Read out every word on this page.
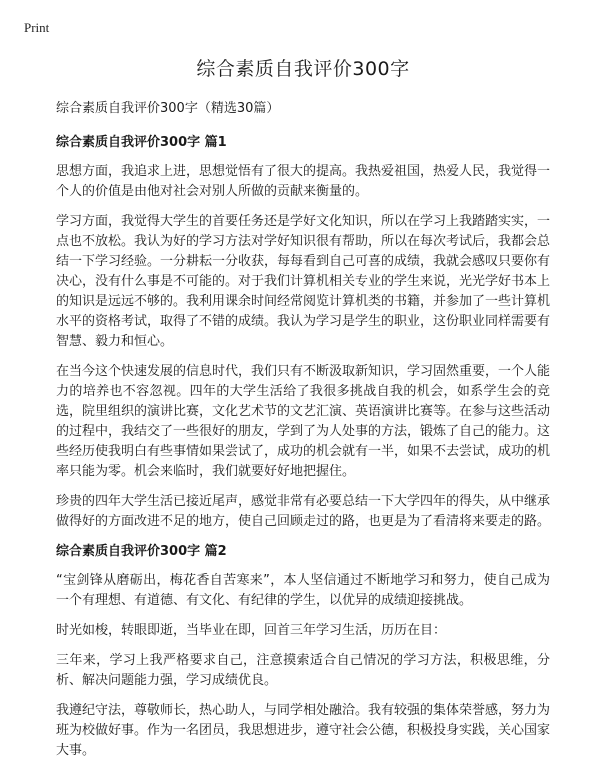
Print
综合素质自我评价300字

综合素质自我评价300字（精选30篇）

综合素质自我评价300字 篇1

思想方面，我追求上进，思想觉悟有了很大的提高。我热爱祖国，热爱人民，我觉得一个人的价值是由他对社会对别人所做的贡献来衡量的。

学习方面，我觉得大学生的首要任务还是学好文化知识，所以在学习上我踏踏实实，一点也不放松。我认为好的学习方法对学好知识很有帮助，所以在每次考试后，我都会总结一下学习经验。一分耕耘一分收获，每每看到自己可喜的成绩，我就会感叹只要你有决心，没有什么事是不可能的。对于我们计算机相关专业的学生来说，光光学好书本上的知识是远远不够的。我利用课余时间经常阅览计算机类的书籍，并参加了一些计算机水平的资格考试，取得了不错的成绩。我认为学习是学生的职业，这份职业同样需要有智慧、毅力和恒心。

在当今这个快速发展的信息时代，我们只有不断汲取新知识，学习固然重要，一个人能力的培养也不容忽视。四年的大学生活给了我很多挑战自我的机会，如系学生会的竞选，院里组织的演讲比赛，文化艺术节的文艺汇演、英语演讲比赛等。在参与这些活动的过程中，我结交了一些很好的朋友，学到了为人处事的方法，锻炼了自己的能力。这些经历使我明白有些事情如果尝试了，成功的机会就有一半，如果不去尝试，成功的机率只能为零。机会来临时，我们就要好好地把握住。

珍贵的四年大学生活已接近尾声，感觉非常有必要总结一下大学四年的得失，从中继承做得好的方面改进不足的地方，使自己回顾走过的路，也更是为了看清将来要走的路。

综合素质自我评价300字 篇2

“宝剑锋从磨砺出，梅花香自苦寒来”，本人坚信通过不断地学习和努力，使自己成为一个有理想、有道德、有文化、有纪律的学生，以优异的成绩迎接挑战。

时光如梭，转眼即逝，当毕业在即，回首三年学习生活，历历在目：

三年来，学习上我严格要求自己，注意摸索适合自己情况的学习方法，积极思维，分析、解决问题能力强，学习成绩优良。

我遵纪守法，尊敬师长，热心助人，与同学相处融洽。我有较强的集体荣誉感，努力为班为校做好事。作为一名团员，我思想进步，遵守社会公德，积极投身实践，关心国家大事。
